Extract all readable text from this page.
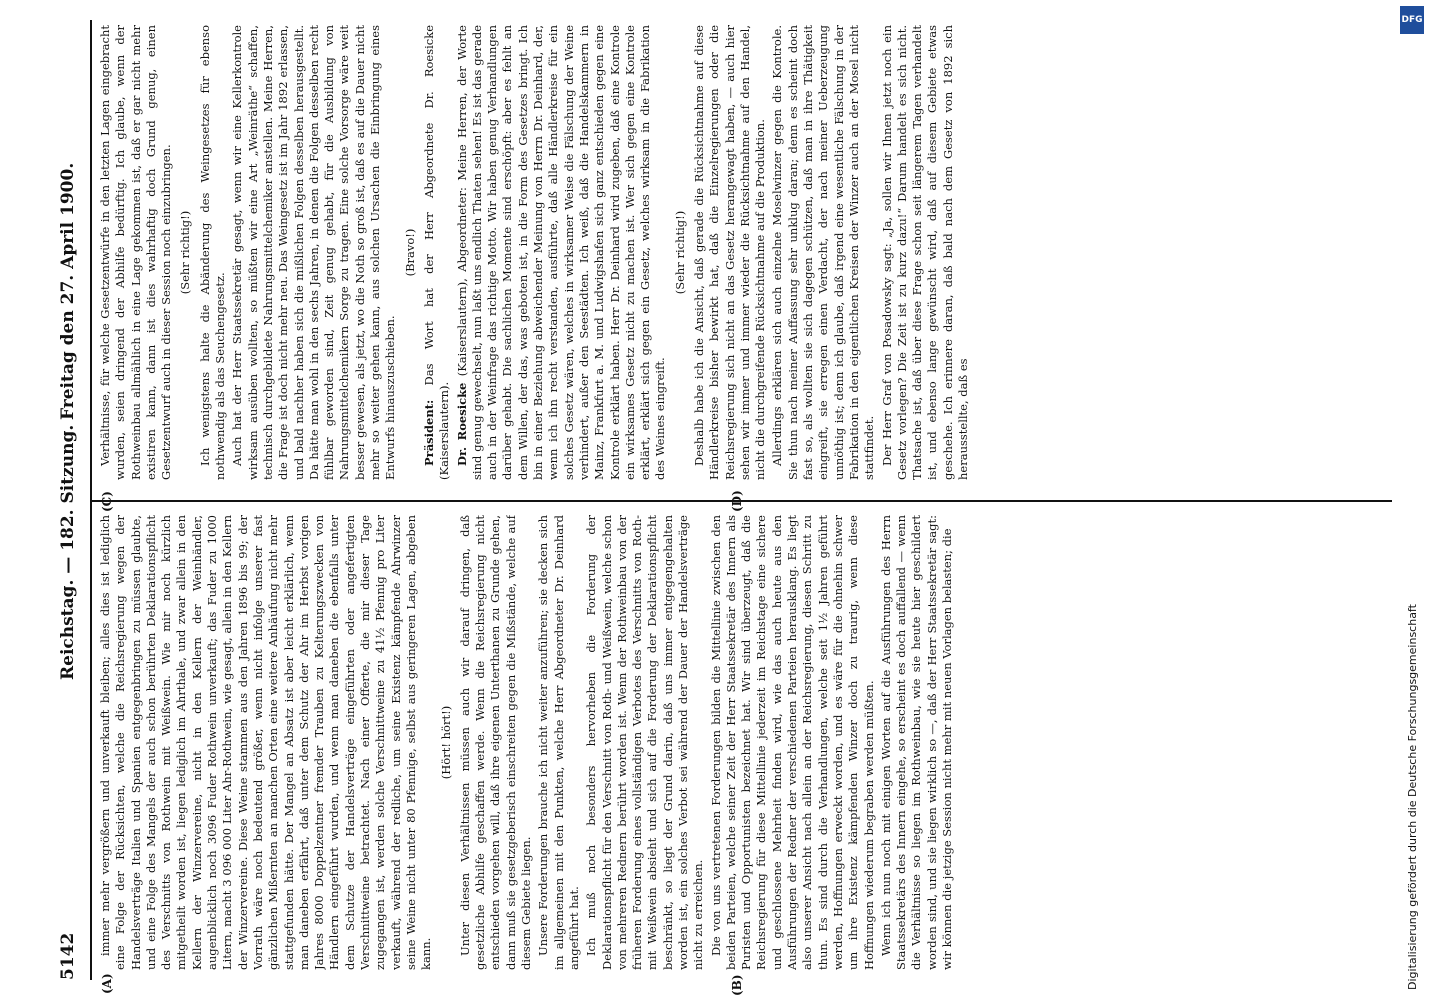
5142
Reichstag. — 182. Sitzung.
Freitag den 27. April 1900.
(A)	(B)

immer mehr vergrößern und unverkauft bleiben; alles dies ist lediglich eine Folge der Rücksichten, welche die Reichsregierung wegen der Handelsverträge Italien und Spanien entgegenbringen zu müssen glaubte, und eine Folge des Mangels der auch schon berührten Deklarationspflicht des Verschnitts von Rothwein mit Weißwein. Wie mir noch kürzlich mitgetheilt worden ist, liegen lediglich im Ahrthale, und zwar allein in den Kellern der Winzervereine, nicht in den Kellern der Weinhändler, augenblicklich noch 3096 Fuder Rothwein unverkauft; das Fuder zu 1000 Litern, macht 3 096 000 Liter Ahr-Rothwein, wie gesagt, allein in den Kellern der Winzervereine. Diese Weine stammen aus den Jahren 1896 bis 99; der Vorrath wäre noch bedeutend größer, wenn nicht infolge unserer fast gänzlichen Mißernten an manchen Orten eine weitere Anhäufung nicht mehr stattgefunden hätte. Der Mangel an Absatz ist aber leicht erklärlich, wenn man daneben erfährt, daß unter dem Schutz der Ahr im Herbst vorigen Jahres 8000 Doppelzentner fremder Trauben zu Kelterungszwecken von Händlern eingeführt wurden, und wenn man daneben die ebenfalls unter dem Schutze der Handelsverträge eingeführten oder angefertigten Verschnittweine betrachtet. Nach einer Offerte, die mir dieser Tage zugegangen ist, werden solche Verschnittweine zu 41½ Pfennig pro Liter verkauft, während der redliche, um seine Existenz kämpfende Ahrwinzer seine Weine nicht unter 80 Pfennige, selbst aus geringeren Lagen, abgeben kann.

(Hört! hört!) Unter diesen Verhältnissen müssen auch wir darauf dringen, daß gesetzliche Abhilfe geschaffen werde. Wenn die Reichsregierung nicht entschieden vorgehen will, daß ihre eigenen Unterthanen zu Grunde gehen, dann muß sie gesetzgeberisch einschreiten gegen die Mißstände, welche auf diesem Gebiete liegen. Unsere Forderungen brauche ich nicht weiter anzuführen; sie decken sich im allgemeinen mit den Punkten, welche Herr Abgeordneter Dr. Deinhard angeführt hat. Ich muß noch besonders hervorheben die Forderung der Deklarationspflicht für den Verschnitt von Roth- und Weißwein, welche schon von mehreren Rednern berührt worden ist. Wenn der Rothweinbau von der früheren Forderung eines vollständigen Verbotes des Verschnitts von Roth- mit Weißwein absieht und sich auf die Forderung der Deklarationspflicht beschränkt, so liegt der Grund darin, daß uns immer entgegengehalten worden ist, ein solches Verbot sei während der Dauer der Handelsverträge nicht zu erreichen. Die von uns vertretenen Forderungen bilden die Mittellinie zwischen den beiden Parteien, welche seiner Zeit der Herr Staatssekretär des Innern als Puristen und Opportunisten bezeichnet hat. Wir sind überzeugt, daß die Reichsregierung für diese Mittellinie jederzeit im Reichstage eine sichere und geschlossene Mehrheit finden wird, wie das auch heute aus den Ausführungen der Redner der verschiedenen Parteien herausklang. Es liegt also unserer Ansicht nach allein an der Reichsregierung, diesen Schritt zu thun. Es sind durch die Verhandlungen, welche seit 1½ Jahren geführt werden, Hoffnungen erweckt worden, und es wäre für die ohnehin schwer um ihre Existenz kämpfenden Winzer doch zu traurig, wenn diese Hoffnungen wiederum begraben werden müßten. Wenn ich nun noch mit einigen Worten auf die Ausführungen des Herrn Staatssekretärs des Innern eingehe, so erscheint es doch auffallend — wenn die Verhältnisse so liegen im Rothweinbau, wie sie heute hier geschildert worden sind, und sie liegen wirklich so —, daß der Herr Staatssekretär sagt: wir können die jetzige Session nicht mehr mit neuen Vorlagen belasten; die

Verhältnisse, für welche Gesetzentwürfe in den letzten Lagen eingebracht wurden, seien dringend der Abhilfe bedürftig. Ich glaube, wenn der Rothweinbau allmählich in eine Lage gekommen ist, daß er gar nicht mehr existiren kann, dann ist dies wahrhaftig doch Grund genug, einen Gesetzentwurf auch in dieser Session noch einzubringen. (Sehr richtig!) Ich wenigstens halte die Abänderung des Weingesetzes für ebenso nothwendig als das Seuchengesetz. Auch hat der Herr Staatssekretär gesagt, wenn wir eine Kellerkontrole wirksam ausüben wollten, so müßten wir eine Art „Weinräthe“ schaffen, technisch durchgebildete Nahrungsmittelchemiker anstellen. Meine Herren, die Frage ist doch nicht mehr neu. Das Weingesetz ist im Jahr 1892 erlassen, und bald nachher haben sich die mißlichen Folgen desselben herausgestellt. Da hätte man wohl in den sechs Jahren, in denen die Folgen desselben recht fühlbar geworden sind, Zeit genug gehabt, für die Ausbildung von Nahrungsmittelchemikern Sorge zu tragen. Eine solche Vorsorge wäre weit besser gewesen, als jetzt, wo die Noth so groß ist, daß es auf die Dauer nicht mehr so weiter gehen kann, aus solchen Ursachen die Einbringung eines Entwurfs hinauszuschieben.

(Bravo!)

Präsident: Das Wort hat der Herr Abgeordnete Dr. Roesicke (Kaiserslautern). Dr. Roesicke (Kaiserslautern), Abgeordneter: Meine Herren, der Worte sind genug gewechselt, nun laßt uns endlich Thaten sehen! Es ist das gerade auch in der Weinfrage das richtige Motto. Wir haben genug Verhandlungen darüber gehabt. Die sachlichen Momente sind erschöpft: aber es fehlt an dem Willen, der das, was geboten ist, in die Form des Gesetzes bringt. Ich bin in einer Beziehung abweichender Meinung von Herrn Dr. Deinhard, der, wenn ich ihn recht verstanden, ausführte, daß alle Händlerkreise für ein solches Gesetz wären, welches in wirksamer Weise die Fälschung der Weine verhindert, außer den Seestädten. Ich weiß, daß die Handelskammern in Mainz, Frankfurt a. M. und Ludwigshafen sich ganz entschieden gegen eine Kontrole erklärt haben. Herr Dr. Deinhard wird zugeben, daß eine Kontrole ein wirksames Gesetz nicht zu machen ist. Wer sich gegen eine Kontrole erklärt, erklärt sich gegen ein Gesetz, welches wirksam in die Fabrikation des Weines eingreift.

(Sehr richtig!) Deshalb habe ich die Ansicht, daß gerade die Rücksichtnahme auf diese Händlerkreise bisher bewirkt hat, daß die Einzelregierungen oder die Reichsregierung sich nicht an das Gesetz herangewagt haben, — auch hier sehen wir immer und immer wieder die Rücksichtnahme auf den Handel, nicht die durchgreifende Rücksichtnahme auf die Produktion. Allerdings erklären sich auch einzelne Moselwinzer gegen die Kontrole. Sie thun nach meiner Auffassung sehr unklug daran; denn es scheint doch fast so, als wollten sie sich dagegen schützen, daß man in ihre Thätigkeit eingreift, sie erregen einen Verdacht, der nach meiner Ueberzeugung unnöthig ist; denn ich glaube, daß irgend eine wesentliche Fälschung in der Fabrikation in den eigentlichen Kreisen der Winzer auch an der Mosel nicht stattfindet. Der Herr Graf von Posadowsky sagt: „Ja, sollen wir Ihnen jetzt noch ein Gesetz vorlegen? Die Zeit ist zu kurz dazu!“ Darum handelt es sich nicht. Thatsache ist, daß über diese Frage schon seit längerem Tagen verhandelt ist, und ebenso lange gewünscht wird, daß auf diesem Gebiete etwas geschehe. Ich erinnere daran, daß bald nach dem Gesetz von 1892 sich herausstellte, daß es

DFG
Digitalisierung gefördert durch die Deutsche Forschungsgemeinschaft
